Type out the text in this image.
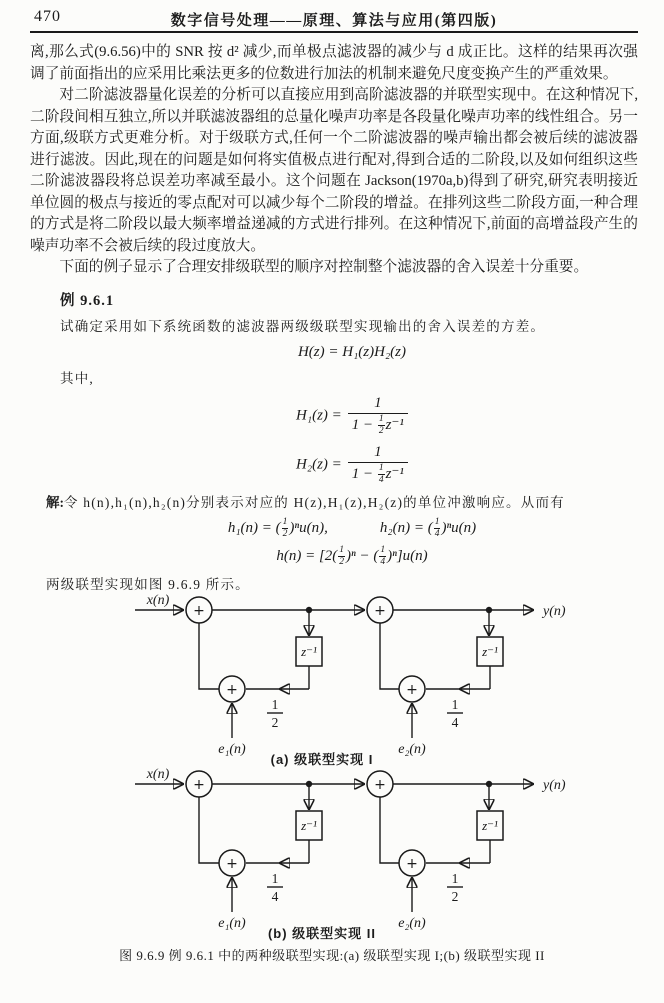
470	数字信号处理——原理、算法与应用(第四版)

离,那么式(9.6.56)中的 SNR 按 d² 减少,而单极点滤波器的减少与 d 成正比。这样的结果再次强调了前面指出的应采用比乘法更多的位数进行加法的机制来避免尺度变换产生的严重效果。

对二阶滤波器量化误差的分析可以直接应用到高阶滤波器的并联型实现中。在这种情况下,二阶段间相互独立,所以并联滤波器组的总量化噪声功率是各段量化噪声功率的线性组合。另一方面,级联方式更难分析。对于级联方式,任何一个二阶滤波器的噪声输出都会被后续的滤波器进行滤波。因此,现在的问题是如何将实值极点进行配对,得到合适的二阶段,以及如何组织这些二阶滤波器段将总误差功率减至最小。这个问题在 Jackson(1970a,b)得到了研究,研究表明接近单位圆的极点与接近的零点配对可以减少每个二阶段的增益。在排列这些二阶段方面,一种合理的方式是将二阶段以最大频率增益递减的方式进行排列。在这种情况下,前面的高增益段产生的噪声功率不会被后续的段过度放大。

下面的例子显示了合理安排级联型的顺序对控制整个滤波器的舍入误差十分重要。

例 9.6.1
试确定采用如下系统函数的滤波器两级级联型实现输出的舍入误差的方差。
H(z) = H₁(z)H₂(z)
其中,
$H_1(z) = \frac{1}{1 - \frac{1}{2} z^{-1}}$
$H_2(z) = \frac{1}{1 - \frac{1}{4} z^{-1}}$
解:令 h(n),h₁(n),h₂(n)分别表示对应的 H(z),H₁(z),H₂(z)的单位冲激响应。从而有
h₁(n) = ( $\frac{1}{2} )^nu(n)$,	h₂(n) = ( $\frac{1}{4} )^nu(n)$
$h(n) = [2( \frac{1}{2} )^n$ − ( $\frac{1}{4} )^n]u(n)$
两级联型实现如图 9.6.9 所示。
x(n)
+	+	y(n)
z⁻¹
1
2
+
e₁(n)
z⁻¹
1
4
+
e₂(n)
(a) 级联型实现 I
x(n)
+	+	y(n)
z⁻¹
1
4
+
e₁(n)
z⁻¹
1
2
+
e₂(n)
(b) 级联型实现 II
图 9.6.9 例 9.6.1 中的两种级联型实现:(a) 级联型实现 I;(b) 级联型实现 II
